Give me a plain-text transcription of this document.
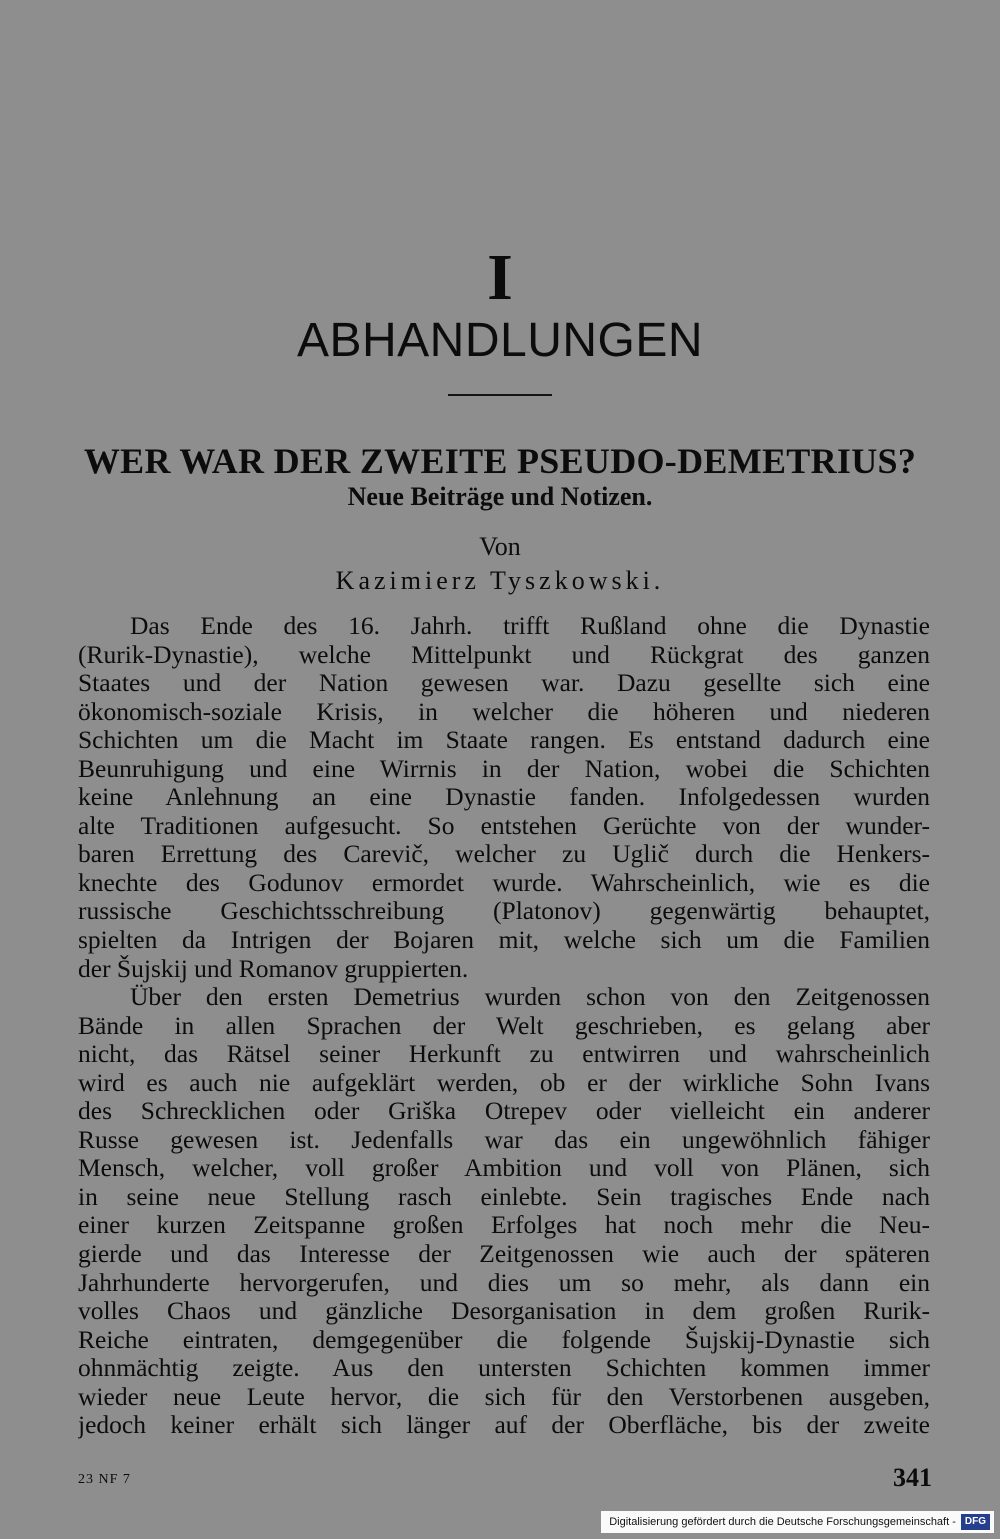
I
ABHANDLUNGEN
WER WAR DER ZWEITE PSEUDO-DEMETRIUS?
Neue Beiträge und Notizen.
Von
Kazimierz Tyszkowski.
Das Ende des 16. Jahrh. trifft Rußland ohne die Dynastie
(Rurik-Dynastie), welche Mittelpunkt und Rückgrat des ganzen
Staates und der Nation gewesen war. Dazu gesellte sich eine
ökonomisch-soziale Krisis, in welcher die höheren und niederen
Schichten um die Macht im Staate rangen. Es entstand dadurch eine
Beunruhigung und eine Wirrnis in der Nation, wobei die Schichten
keine Anlehnung an eine Dynastie fanden. Infolgedessen wurden
alte Traditionen aufgesucht. So entstehen Gerüchte von der wunder-
baren Errettung des Carevič, welcher zu Uglič durch die Henkers-
knechte des Godunov ermordet wurde. Wahrscheinlich, wie es die
russische Geschichtsschreibung (Platonov) gegenwärtig behauptet,
spielten da Intrigen der Bojaren mit, welche sich um die Familien
der Šujskij und Romanov gruppierten.
Über den ersten Demetrius wurden schon von den Zeitgenossen
Bände in allen Sprachen der Welt geschrieben, es gelang aber
nicht, das Rätsel seiner Herkunft zu entwirren und wahrscheinlich
wird es auch nie aufgeklärt werden, ob er der wirkliche Sohn Ivans
des Schrecklichen oder Griška Otrepev oder vielleicht ein anderer
Russe gewesen ist. Jedenfalls war das ein ungewöhnlich fähiger
Mensch, welcher, voll großer Ambition und voll von Plänen, sich
in seine neue Stellung rasch einlebte. Sein tragisches Ende nach
einer kurzen Zeitspanne großen Erfolges hat noch mehr die Neu-
gierde und das Interesse der Zeitgenossen wie auch der späteren
Jahrhunderte hervorgerufen, und dies um so mehr, als dann ein
volles Chaos und gänzliche Desorganisation in dem großen Rurik-
Reiche eintraten, demgegenüber die folgende Šujskij-Dynastie sich
ohnmächtig zeigte. Aus den untersten Schichten kommen immer
wieder neue Leute hervor, die sich für den Verstorbenen ausgeben,
jedoch keiner erhält sich länger auf der Oberfläche, bis der zweite
23 NF 7	341
Digitalisierung gefördert durch die Deutsche Forschungsgemeinschaft - DFG
